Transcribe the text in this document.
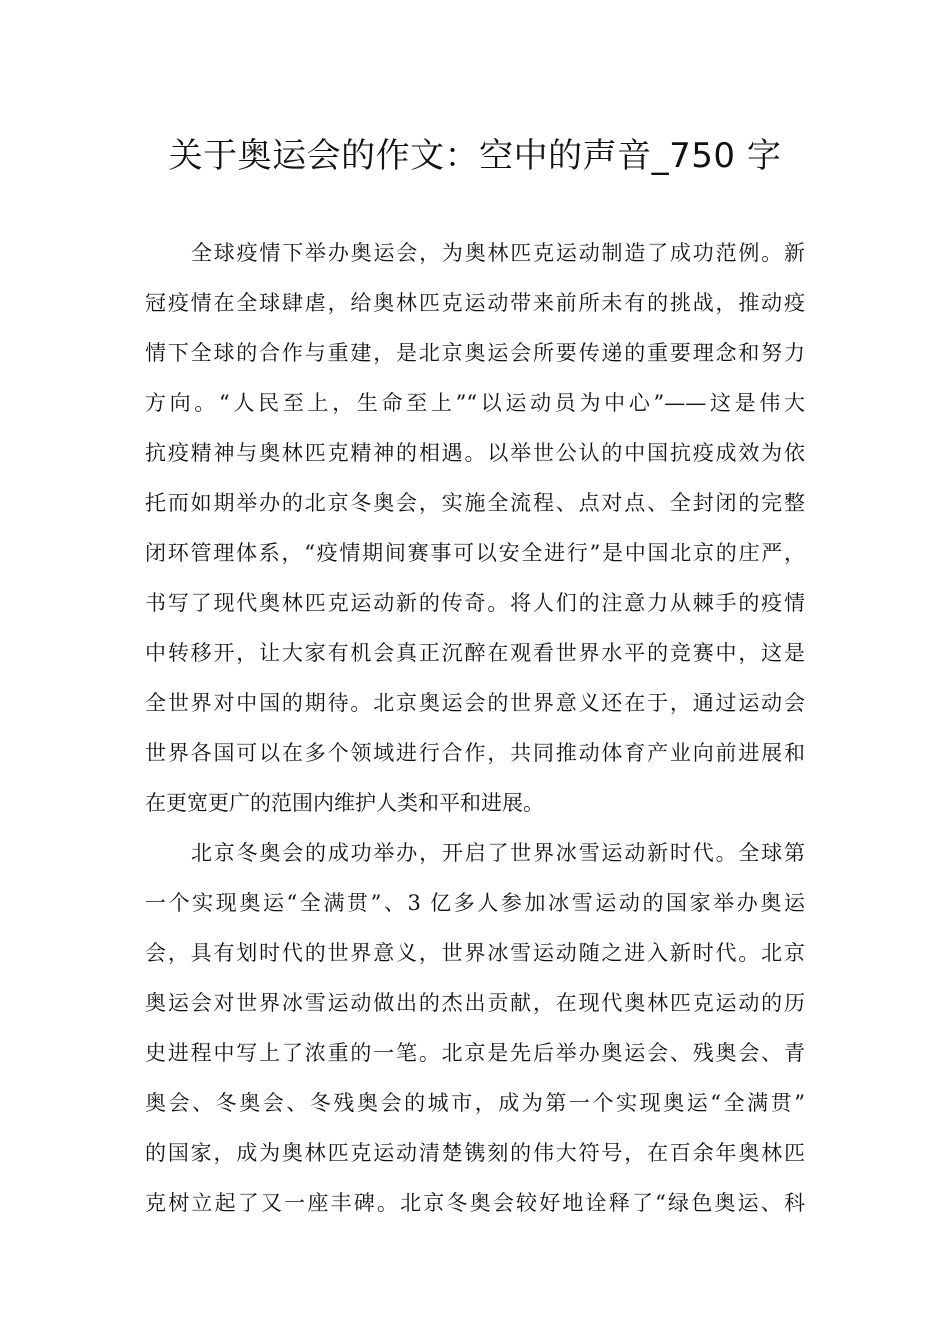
关于奥运会的作文：空中的声音_750 字

全球疫情下举办奥运会，为奥林匹克运动制造了成功范例。新
冠疫情在全球肆虐，给奥林匹克运动带来前所未有的挑战，推动疫
情下全球的合作与重建，是北京奥运会所要传递的重要理念和努力
方向。“人民至上，生命至上”“以运动员为中心”——这是伟大
抗疫精神与奥林匹克精神的相遇。以举世公认的中国抗疫成效为依
托而如期举办的北京冬奥会，实施全流程、点对点、全封闭的完整
闭环管理体系，“疫情期间赛事可以安全进行”是中国北京的庄严，
书写了现代奥林匹克运动新的传奇。将人们的注意力从棘手的疫情
中转移开，让大家有机会真正沉醉在观看世界水平的竞赛中，这是
全世界对中国的期待。北京奥运会的世界意义还在于，通过运动会
世界各国可以在多个领域进行合作，共同推动体育产业向前进展和
在更宽更广的范围内维护人类和平和进展。

北京冬奥会的成功举办，开启了世界冰雪运动新时代。全球第
一个实现奥运“全满贯”、3 亿多人参加冰雪运动的国家举办奥运
会，具有划时代的世界意义，世界冰雪运动随之进入新时代。北京
奥运会对世界冰雪运动做出的杰出贡献，在现代奥林匹克运动的历
史进程中写上了浓重的一笔。北京是先后举办奥运会、残奥会、青
奥会、冬奥会、冬残奥会的城市，成为第一个实现奥运“全满贯”
的国家，成为奥林匹克运动清楚镌刻的伟大符号，在百余年奥林匹
克树立起了又一座丰碑。北京冬奥会较好地诠释了“绿色奥运、科
